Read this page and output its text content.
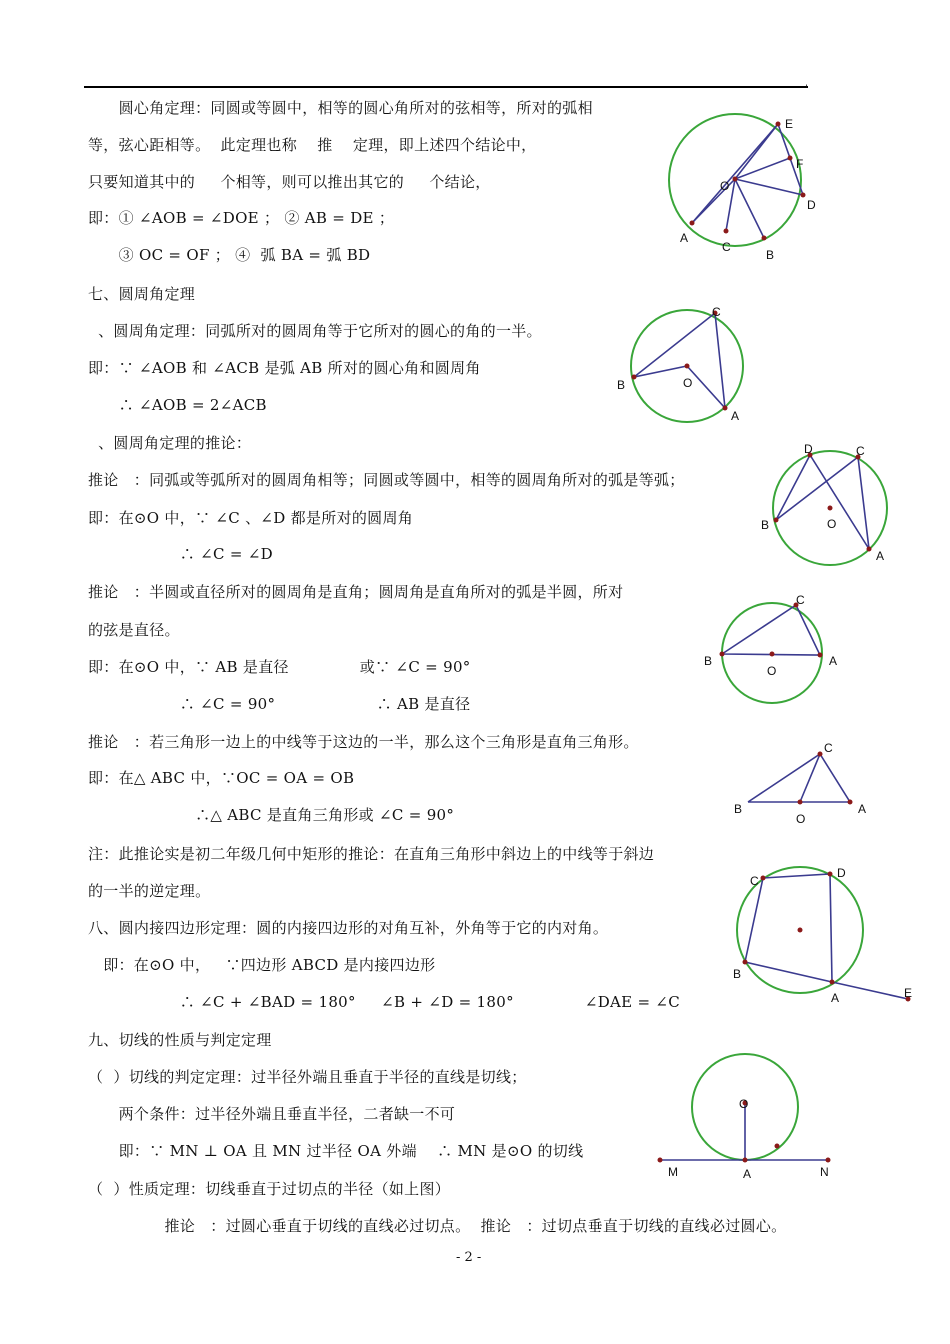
'
　　圆心角定理：同圆或等圆中，相等的圆心角所对的弦相等，所对的弧相
等，弦心距相等。  此定理也称    推    定理，即上述四个结论中，
只要知道其中的     个相等，则可以推出其它的     个结论，
即：① ∠AOB = ∠DOE ； ② AB = DE ；
　　③ OC = OF ； ④  弧 BA = 弧 BD
七、圆周角定理
、圆周角定理：同弧所对的圆周角等于它所对的圆心的角的一半。
即：∵ ∠AOB 和 ∠ACB 是弧 AB 所对的圆心角和圆周角
　　∴ ∠AOB = 2∠ACB
、圆周角定理的推论：
推论   ：同弧或等弧所对的圆周角相等；同圆或等圆中，相等的圆周角所对的弧是等弧；
即：在⊙O 中，∵ ∠C 、∠D 都是所对的圆周角
　　　　　　∴ ∠C = ∠D
推论   ：半圆或直径所对的圆周角是直角；圆周角是直角所对的弧是半圆，所对
的弦是直径。
即：在⊙O 中，∵ AB 是直径              或∵ ∠C = 90°
　　　　　　∴ ∠C = 90°                    ∴ AB 是直径
推论   ：若三角形一边上的中线等于这边的一半，那么这个三角形是直角三角形。
即：在△ ABC 中，∵OC = OA = OB
　　　　　　　∴△ ABC 是直角三角形或 ∠C = 90°
注：此推论实是初二年级几何中矩形的推论：在直角三角形中斜边上的中线等于斜边
的一半的逆定理。
八、圆内接四边形定理：圆的内接四边形的对角互补，外角等于它的内对角。
即：在⊙O 中，   ∵四边形 ABCD 是内接四边形
　　　　　　∴ ∠C + ∠BAD = 180°     ∠B + ∠D = 180°              ∠DAE = ∠C
九、切线的性质与判定定理
（  ）切线的判定定理：过半径外端且垂直于半径的直线是切线；
　　两个条件：过半径外端且垂直半径，二者缺一不可
　　即：∵ MN ⊥ OA 且 MN 过半径 OA 外端    ∴ MN 是⊙O 的切线
（  ）性质定理：切线垂直于过切点的半径（如上图）
　　　　　推论   ：过圆心垂直于切线的直线必过切点。  推论   ：过切点垂直于切线的直线必过圆心。
- 2 -
O
A
C
B
E
F
D
B
C
A
O
D	C
B	O
A
B
C
A
O
B
C
A
O
C
D
B
A	E
O
M	A	N
